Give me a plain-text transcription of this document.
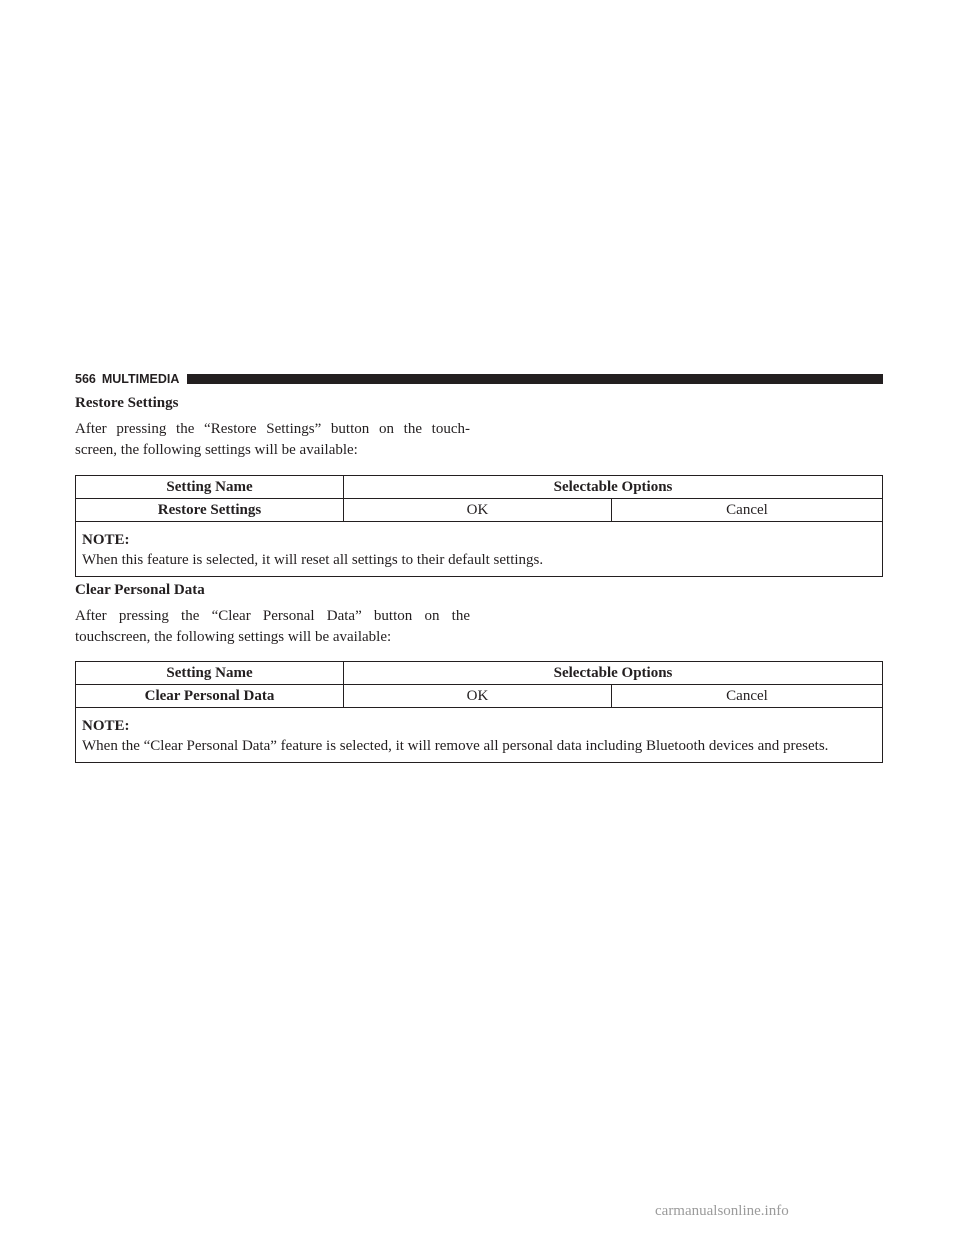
566 MULTIMEDIA
Restore Settings
After pressing the “Restore Settings” button on the touch-
screen, the following settings will be available:
Setting Name	Selectable Options	
Restore Settings	OK	Cancel

NOTE:
When this feature is selected, it will reset all settings to their default settings.		
Clear Personal Data
After pressing the “Clear Personal Data” button on the
touchscreen, the following settings will be available:
Setting Name	Selectable Options	
Clear Personal Data	OK	Cancel

NOTE:
When the “Clear Personal Data” feature is selected, it will remove all personal data including Bluetooth devices and presets.		
carmanualsonline.info
